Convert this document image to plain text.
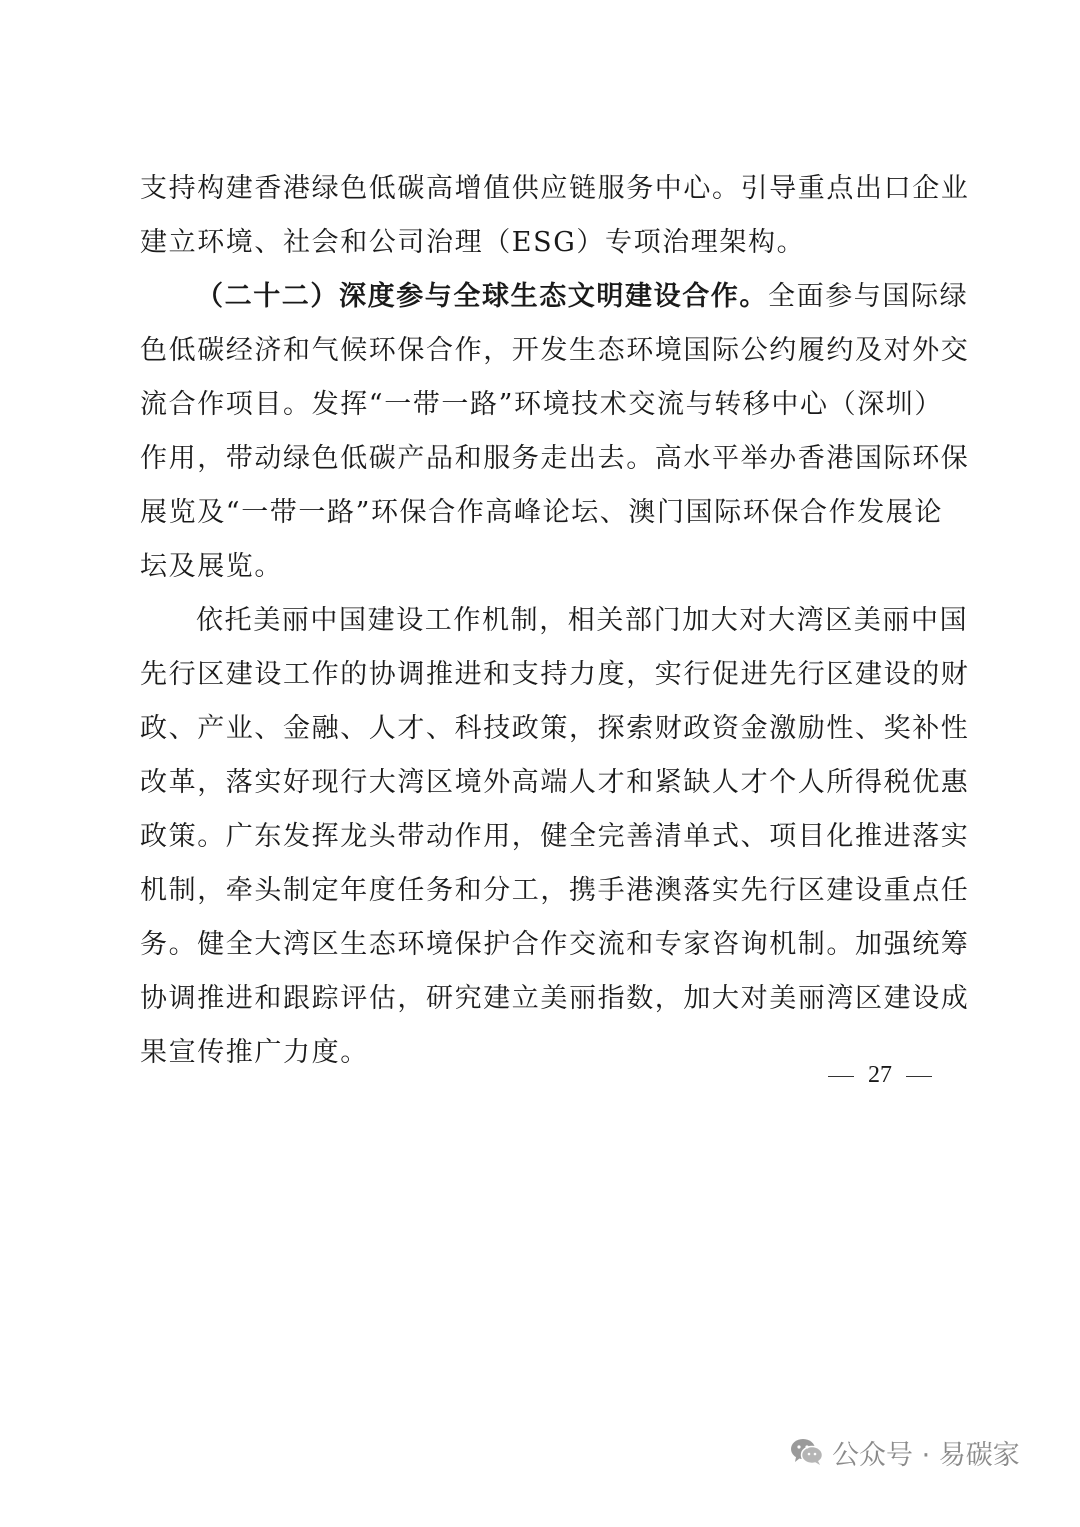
支持构建香港绿色低碳高增值供应链服务中心。引导重点出口企业
建立环境、社会和公司治理（ESG）专项治理架构。
（二十二）深度参与全球生态文明建设合作。全面参与国际绿
色低碳经济和气候环保合作，开发生态环境国际公约履约及对外交
流合作项目。发挥“一带一路”环境技术交流与转移中心（深圳）
作用，带动绿色低碳产品和服务走出去。高水平举办香港国际环保
展览及“一带一路”环保合作高峰论坛、澳门国际环保合作发展论
坛及展览。
依托美丽中国建设工作机制，相关部门加大对大湾区美丽中国
先行区建设工作的协调推进和支持力度，实行促进先行区建设的财
政、产业、金融、人才、科技政策，探索财政资金激励性、奖补性
改革，落实好现行大湾区境外高端人才和紧缺人才个人所得税优惠
政策。广东发挥龙头带动作用，健全完善清单式、项目化推进落实
机制，牵头制定年度任务和分工，携手港澳落实先行区建设重点任
务。健全大湾区生态环境保护合作交流和专家咨询机制。加强统筹
协调推进和跟踪评估，研究建立美丽指数，加大对美丽湾区建设成
果宣传推广力度。
27
公众号 · 易碳家
